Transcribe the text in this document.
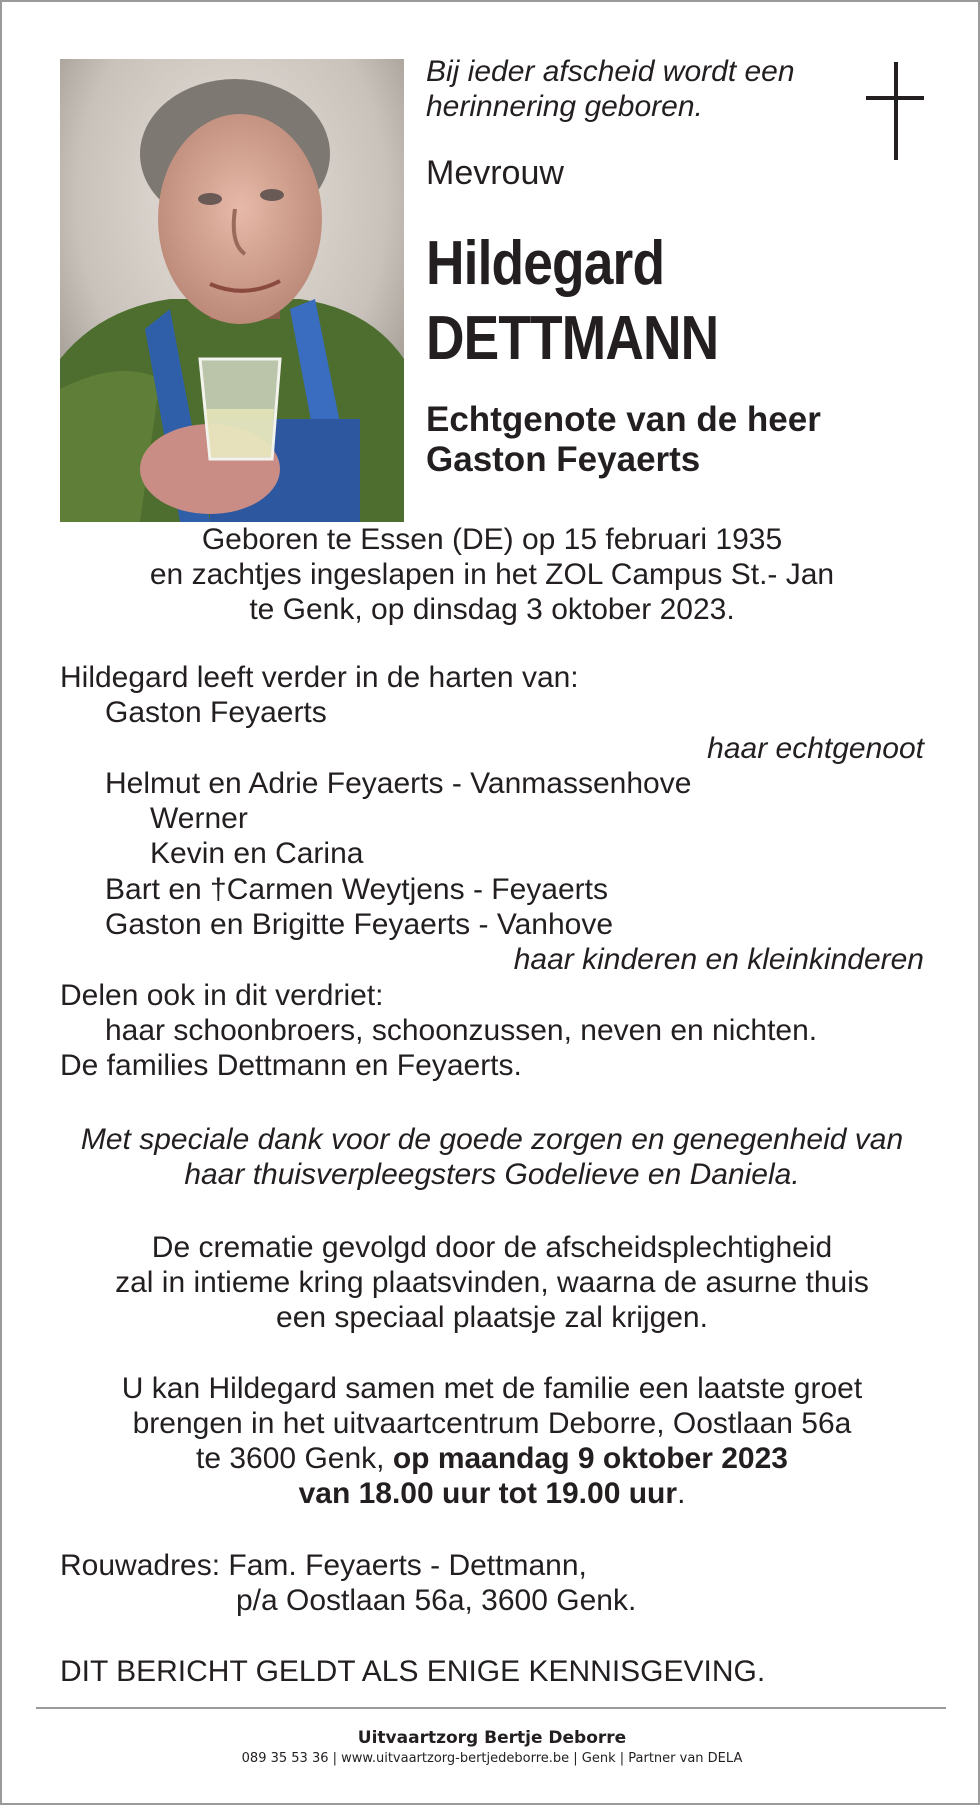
Bij ieder afscheid wordt een
herinnering geboren.
Mevrouw
Hildegard
DETTMANN
Echtgenote van de heer
Gaston Feyaerts
Geboren te Essen (DE) op 15 februari 1935
en zachtjes ingeslapen in het ZOL Campus St.- Jan
te Genk, op dinsdag 3 oktober 2023.
Hildegard leeft verder in de harten van:
Gaston Feyaerts
haar echtgenoot
Helmut en Adrie Feyaerts - Vanmassenhove
Werner
Kevin en Carina
Bart en †Carmen Weytjens - Feyaerts
Gaston en Brigitte Feyaerts - Vanhove
haar kinderen en kleinkinderen
Delen ook in dit verdriet:
haar schoonbroers, schoonzussen, neven en nichten.
De families Dettmann en Feyaerts.
Met speciale dank voor de goede zorgen en genegenheid van
haar thuisverpleegsters Godelieve en Daniela.
De crematie gevolgd door de afscheidsplechtigheid
zal in intieme kring plaatsvinden, waarna de asurne thuis
een speciaal plaatsje zal krijgen.
U kan Hildegard samen met de familie een laatste groet
brengen in het uitvaartcentrum Deborre, Oostlaan 56a
te 3600 Genk, op maandag 9 oktober 2023
van 18.00 uur tot 19.00 uur.
Rouwadres: Fam. Feyaerts - Dettmann,
p/a Oostlaan 56a, 3600 Genk.
DIT BERICHT GELDT ALS ENIGE KENNISGEVING.
Uitvaartzorg Bertje Deborre
089 35 53 36 | www.uitvaartzorg-bertjedeborre.be | Genk | Partner van DELA
